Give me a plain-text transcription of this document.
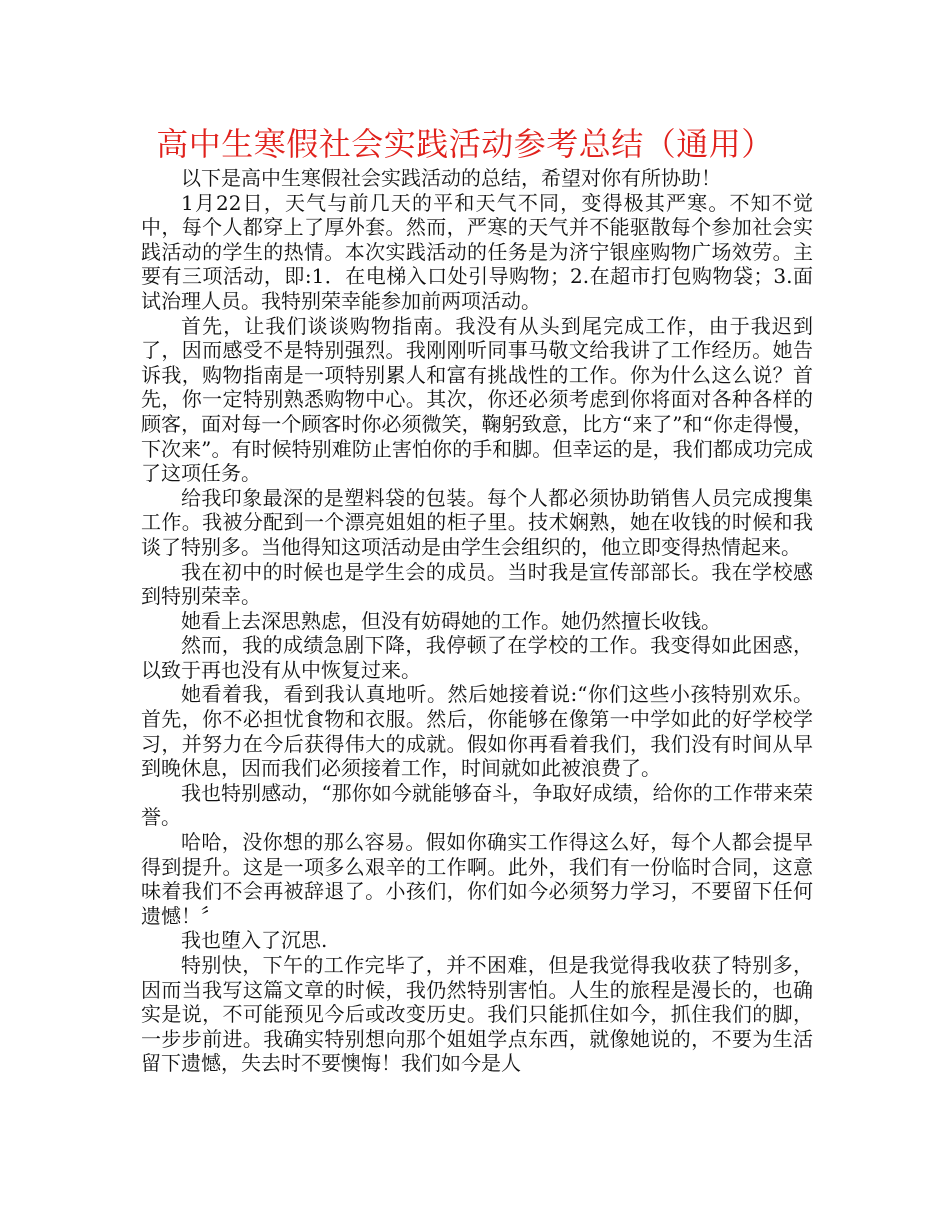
高中生寒假社会实践活动参考总结（通用）

以下是高中生寒假社会实践活动的总结，希望对你有所协助！

1月22日，天气与前几天的平和天气不同，变得极其严寒。不知不觉中，每个人都穿上了厚外套。然而，严寒的天气并不能驱散每个参加社会实践活动的学生的热情。本次实践活动的任务是为济宁银座购物广场效劳。主要有三项活动，即:1．在电梯入口处引导购物；2.在超市打包购物袋；3.面试治理人员。我特别荣幸能参加前两项活动。

首先，让我们谈谈购物指南。我没有从头到尾完成工作，由于我迟到了，因而感受不是特别强烈。我刚刚听同事马敬文给我讲了工作经历。她告诉我，购物指南是一项特别累人和富有挑战性的工作。你为什么这么说？首先，你一定特别熟悉购物中心。其次，你还必须考虑到你将面对各种各样的顾客，面对每一个顾客时你必须微笑，鞠躬致意，比方“来了”和“你走得慢，下次来”。有时候特别难防止害怕你的手和脚。但幸运的是，我们都成功完成了这项任务。

给我印象最深的是塑料袋的包装。每个人都必须协助销售人员完成搜集工作。我被分配到一个漂亮姐姐的柜子里。技术娴熟，她在收钱的时候和我谈了特别多。当他得知这项活动是由学生会组织的，他立即变得热情起来。

我在初中的时候也是学生会的成员。当时我是宣传部部长。我在学校感到特别荣幸。

她看上去深思熟虑，但没有妨碍她的工作。她仍然擅长收钱。

然而，我的成绩急剧下降，我停顿了在学校的工作。我变得如此困惑，以致于再也没有从中恢复过来。

她看着我，看到我认真地听。然后她接着说:“你们这些小孩特别欢乐。首先，你不必担忧食物和衣服。然后，你能够在像第一中学如此的好学校学习，并努力在今后获得伟大的成就。假如你再看着我们，我们没有时间从早到晚休息，因而我们必须接着工作，时间就如此被浪费了。

我也特别感动，“那你如今就能够奋斗，争取好成绩，给你的工作带来荣誉。

哈哈，没你想的那么容易。假如你确实工作得这么好，每个人都会提早得到提升。这是一项多么艰辛的工作啊。此外，我们有一份临时合同，这意味着我们不会再被辞退了。小孩们，你们如今必须努力学习，不要留下任何遗憾！〞

我也堕入了沉思.

特别快，下午的工作完毕了，并不困难，但是我觉得我收获了特别多，因而当我写这篇文章的时候，我仍然特别害怕。人生的旅程是漫长的，也确实是说，不可能预见今后或改变历史。我们只能抓住如今，抓住我们的脚，一步步前进。我确实特别想向那个姐姐学点东西，就像她说的，不要为生活留下遗憾，失去时不要懊悔！我们如今是人
